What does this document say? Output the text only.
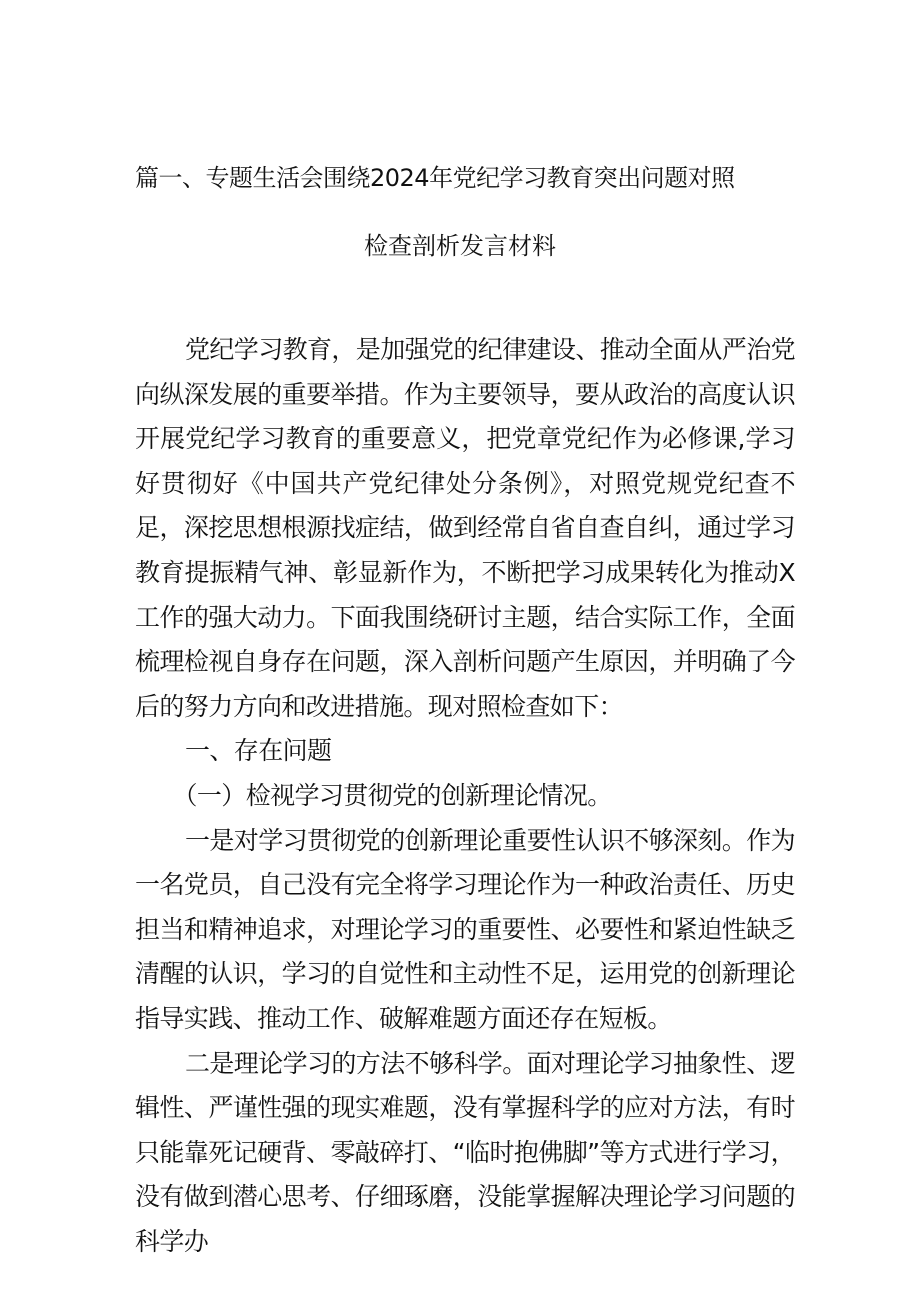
篇一、专题生活会围绕2024年党纪学习教育突出问题对照
检查剖析发言材料

党纪学习教育，是加强党的纪律建设、推动全面从严治党向纵深发展的重要举措。作为主要领导，要从政治的高度认识开展党纪学习教育的重要意义，把党章党纪作为必修课,学习好贯彻好《中国共产党纪律处分条例》，对照党规党纪查不足，深挖思想根源找症结，做到经常自省自查自纠，通过学习教育提振精气神、彰显新作为，不断把学习成果转化为推动X工作的强大动力。下面我围绕研讨主题，结合实际工作，全面梳理检视自身存在问题，深入剖析问题产生原因，并明确了今后的努力方向和改进措施。现对照检查如下：

一、存在问题

（一）检视学习贯彻党的创新理论情况。

一是对学习贯彻党的创新理论重要性认识不够深刻。作为一名党员，自己没有完全将学习理论作为一种政治责任、历史担当和精神追求，对理论学习的重要性、必要性和紧迫性缺乏清醒的认识，学习的自觉性和主动性不足，运用党的创新理论指导实践、推动工作、破解难题方面还存在短板。

二是理论学习的方法不够科学。面对理论学习抽象性、逻辑性、严谨性强的现实难题，没有掌握科学的应对方法，有时只能靠死记硬背、零敲碎打、“临时抱佛脚”等方式进行学习，没有做到潜心思考、仔细琢磨，没能掌握解决理论学习问题的科学办
